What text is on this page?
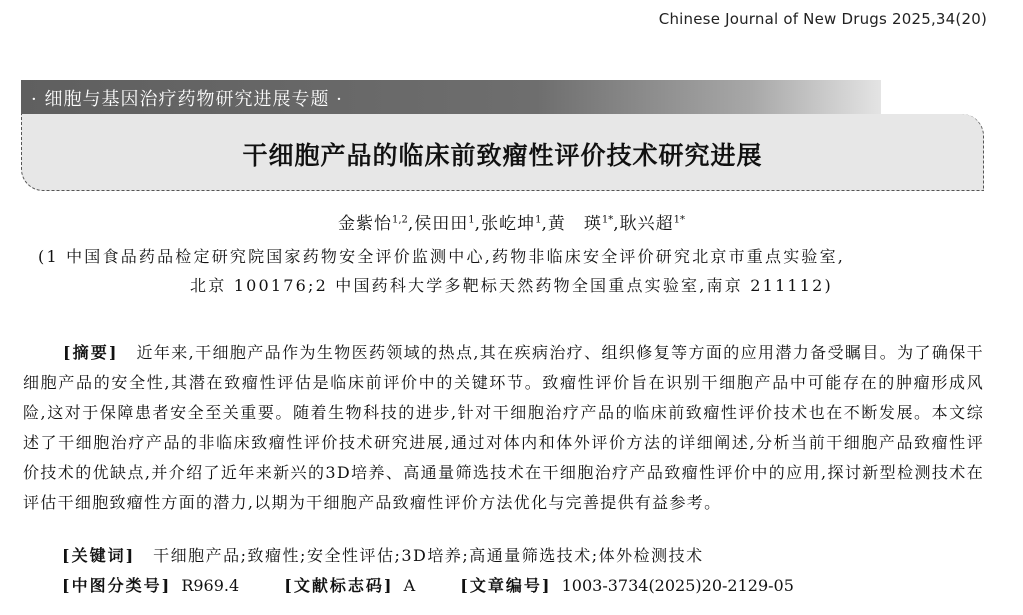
Chinese Journal of New Drugs 2025,34(20)
· 细胞与基因治疗药物研究进展专题 ·
干细胞产品的临床前致瘤性评价技术研究进展
金紫怡$^{1,2}$,侯田田$^1$,张屹坤$^1$,黄　瑛$^{1*}$,耿兴超$^{1*}$
(1 中国食品药品检定研究院国家药物安全评价监测中心,药物非临床安全评价研究北京市重点实验室,
北京 100176;2 中国药科大学多靶标天然药物全国重点实验室,南京 211112)
[摘要] 近年来,干细胞产品作为生物医药领域的热点,其在疾病治疗、组织修复等方面的应用潜力备受瞩目。为了确保干细胞产品的安全性,其潜在致瘤性评估是临床前评价中的关键环节。致瘤性评价旨在识别干细胞产品中可能存在的肿瘤形成风险,这对于保障患者安全至关重要。随着生物科技的进步,针对干细胞治疗产品的临床前致瘤性评价技术也在不断发展。本文综述了干细胞治疗产品的非临床致瘤性评价技术研究进展,通过对体内和体外评价方法的详细阐述,分析当前干细胞产品致瘤性评价技术的优缺点,并介绍了近年来新兴的3D培养、高通量筛选技术在干细胞治疗产品致瘤性评价中的应用,探讨新型检测技术在评估干细胞致瘤性方面的潜力,以期为干细胞产品致瘤性评价方法优化与完善提供有益参考。
[关键词] 干细胞产品;致瘤性;安全性评估;3D培养;高通量筛选技术;体外检测技术
[中图分类号] R969.4	[文献标志码] A	[文章编号] 1003-3734(2025)20-2129-05
